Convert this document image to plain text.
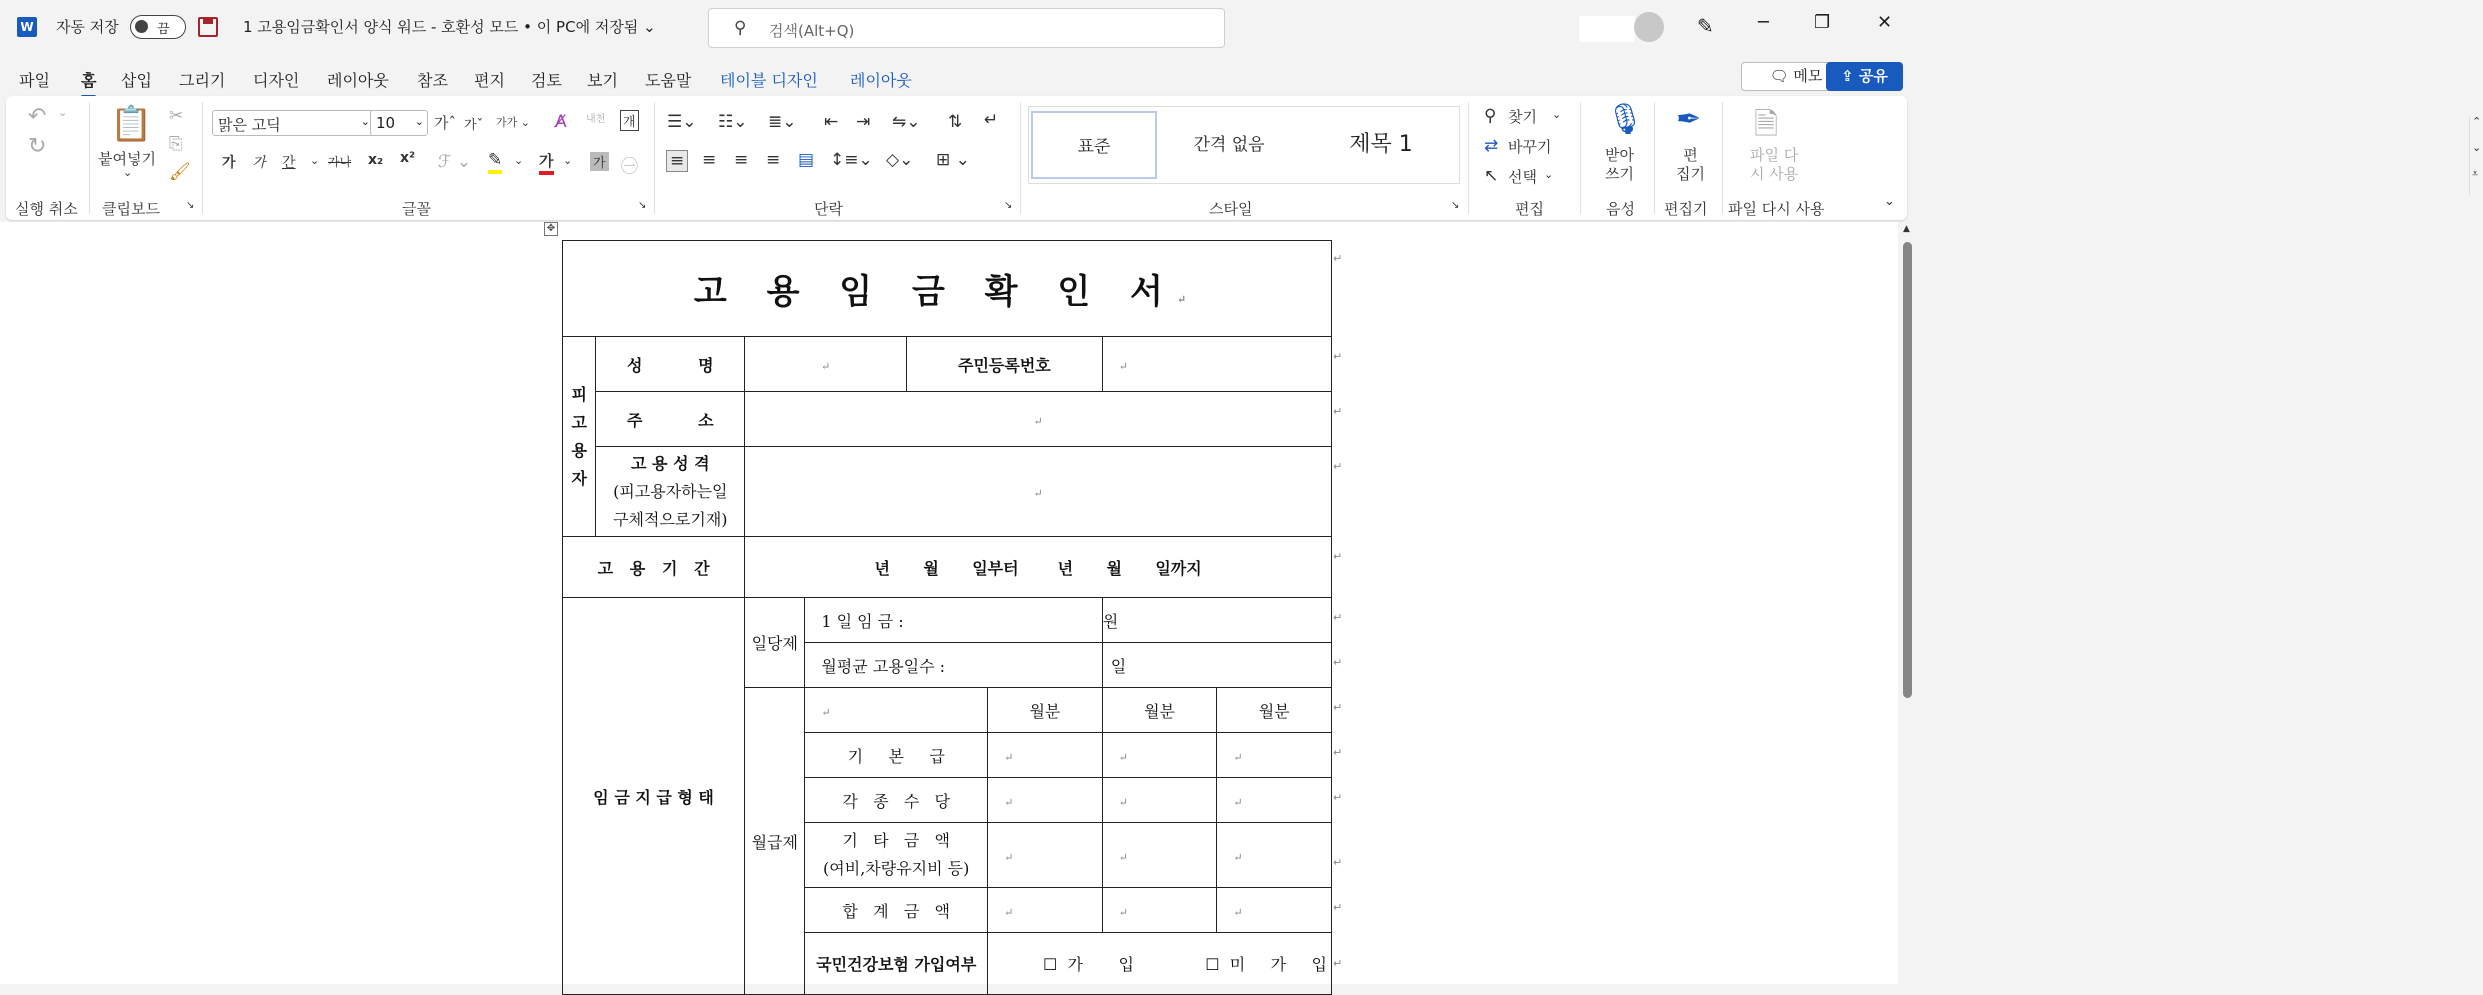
W 자동 저장	끔	1 고용임금확인서 양식 워드 - 호환성 모드 • 이 PC에 저장됨 ⌄	⚲ 검색(Alt+Q)	✎ ─	❐	✕
파일 홈 삽입 그리기 디자인 레이아웃 참조 편지 검토 보기 도움말 테이블 디자인 레이아웃	🗨 메모	⇪ 공유
↶ ⌄
↻
실행 취소
📋
붙여넣기
⌄
✂
⎘
🖌
클립보드	↘
맑은 고딕	⌄ 10 ⌄ 가ˆ 가ˇ 가가 ⌄ A̸ 내천 개
가 가 간 ⌄ 가나 x₂ x² ℱ ⌄ ✎ ⌄ 가 ⌄ 가 ㊀
글꼴	↘
☰⌄ ☷⌄ ≣⌄ ⇤ ⇥ ⇋⌄ ⇅ ↵
≡ ≡ ≡ ≡ ▤ ↕≡⌄ ◇⌄ ⊞ ⌄
단락	↘
표준	간격 없음	제목 1
⌃
⌄
⩡
스타일	↘
⚲ 찾기 ⌄
⇄ 바꾸기
↖ 선택 ⌄
편집
🎙
받아
쓰기
음성
✒
편
집기
편집기
🗎
파일 다
시 사용
파일 다시 사용	⌄
✥
고 용 임 금 확 인 서↵							

피
고
용
자	성          명	↵		주민등록번호		↵	
	주          소	↵					

	고 용 성 격
(피고용자하는일
구체적으로기재)	↵					
고   용   기   간		년      월      일부터       년      월      일까지					
임 금 지 급 형 태		일당제	1 일 임 금 :			원	
			월평균 고용일수 :			일	
		월급제	↵		월분	월분	월분
			기     본     급		↵	↵	↵
			각   종   수   당		↵	↵	↵

			기   타   금   액
(여비,차량유지비 등)		↵	↵	↵
			합   계   금   액		↵	↵	↵
			국민건강보험 가입여부		☐ 가       입 ☐ 미     가     입		

↵
↵
↵
↵
↵
↵
↵
↵
↵
↵
↵
↵
↵
▲
